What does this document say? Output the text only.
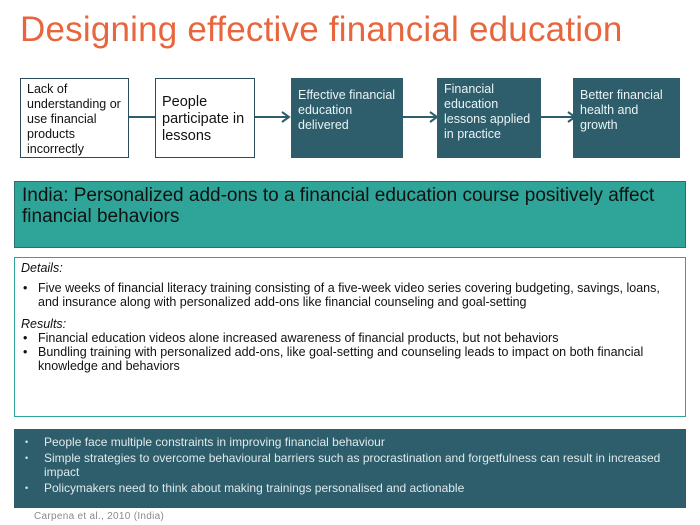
Designing effective financial education
Lack of understanding or use financial products incorrectly
People participate in lessons
Effective financial education delivered
Financial education lessons applied in practice
Better financial health and growth
India: Personalized add-ons to a financial education course positively affect financial behaviors
Details:
• Five weeks of financial literacy training consisting of a five-week video series covering budgeting, savings, loans, and insurance along with personalized add-ons like financial counseling and goal-setting
Results:
• Financial education videos alone increased awareness of financial products, but not behaviors
• Bundling training with personalized add-ons, like goal-setting and counseling leads to impact on both financial knowledge and behaviors
• People face multiple constraints in improving financial behaviour
• Simple strategies to overcome behavioural barriers such as procrastination and forgetfulness can result in increased impact
• Policymakers need to think about making trainings personalised and actionable
Carpena et al., 2010 (India)
